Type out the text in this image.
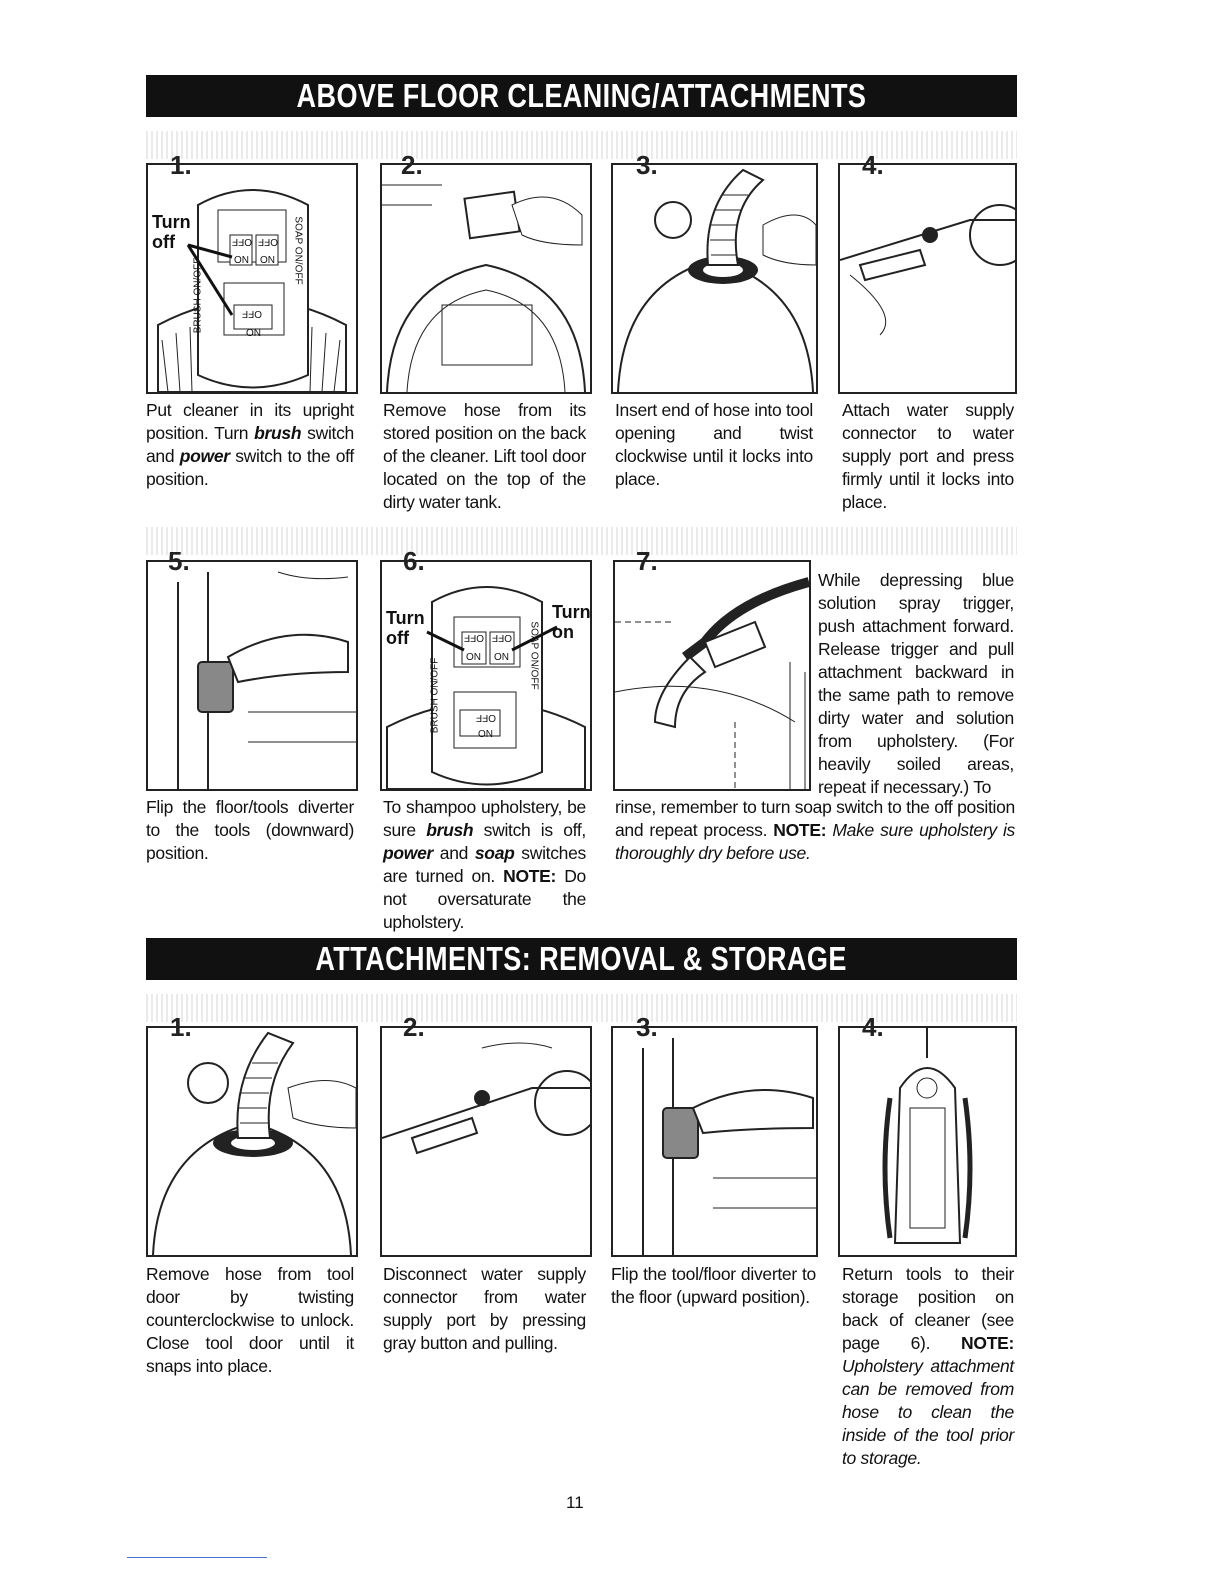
ABOVE FLOOR CLEANING/ATTACHMENTS
1.
Turn off	OFF OFF
ON ON
BRUSH ON/OFF
SOAP ON/OFF
OFF
ON
Put cleaner in its upright position. Turn brush switch and power switch to the off position.
2.
Remove hose from its stored position on the back of the cleaner. Lift tool door located on the top of the dirty water tank.
3.
Insert end of hose into tool opening and twist clockwise until it locks into place.
4.
Attach water supply connector to water supply port and press firmly until it locks into place.
5.
Flip the floor/tools diverter to the tools (downward) position.
6.
Turn off
Turn on
OFF OFF
ON ON
BRUSH ON/OFF
SOAP ON/OFF
OFF
ON
To shampoo upholstery, be sure brush switch is off, power and soap switches are turned on. NOTE: Do not oversaturate the upholstery.
7.
While depressing blue solution spray trigger, push attachment forward. Release trigger and pull attachment backward in the same path to remove dirty water and solution from upholstery. (For heavily soiled areas, repeat if necessary.) To
rinse, remember to turn soap switch to the off position and repeat process. NOTE: Make sure upholstery is thoroughly dry before use.
ATTACHMENTS: REMOVAL & STORAGE
1.
Remove hose from tool door by twisting counterclockwise to unlock. Close tool door until it snaps into place.
2.
Disconnect water supply connector from water supply port by pressing gray button and pulling.
3.
Flip the tool/floor diverter to the floor (upward position).
4.
Return tools to their storage position on back of cleaner (see page 6). NOTE: Upholstery attachment can be removed from hose to clean the inside of the tool prior to storage.
11
